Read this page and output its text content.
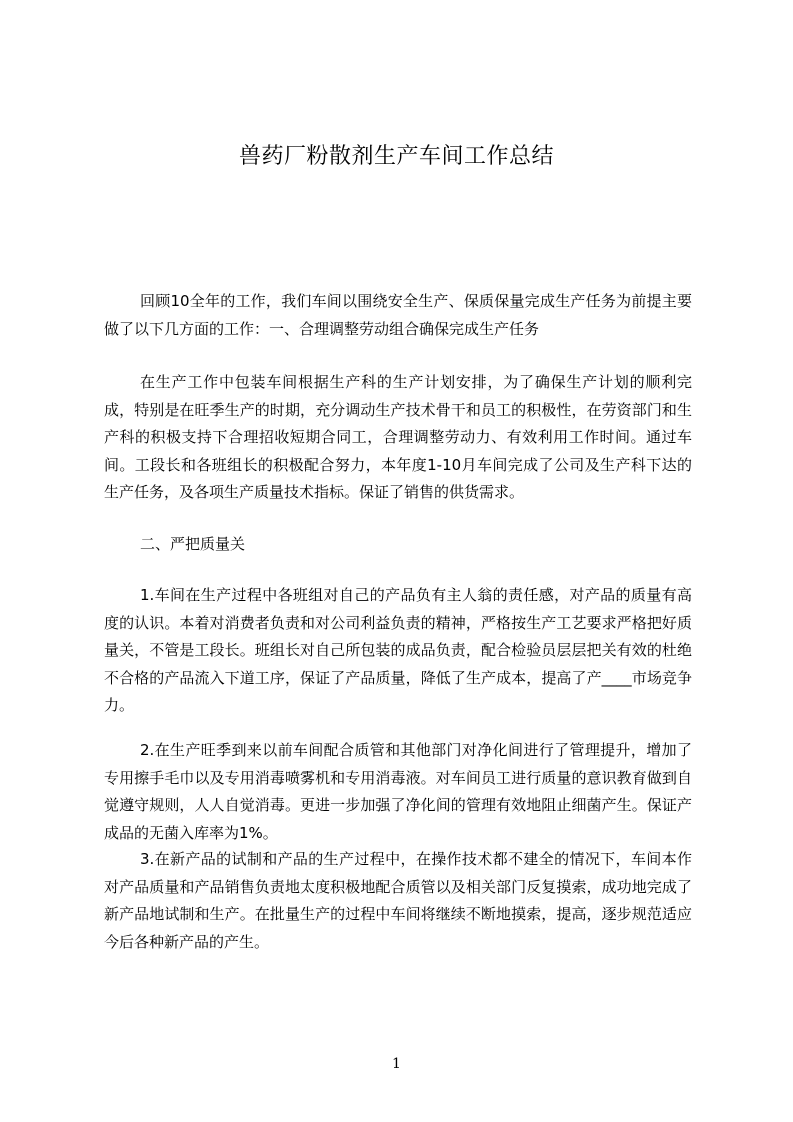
兽药厂粉散剂生产车间工作总结

回顾10全年的工作，我们车间以围绕安全生产、保质保量完成生产任务为前提主要做了以下几方面的工作：一、合理调整劳动组合确保完成生产任务

在生产工作中包装车间根据生产科的生产计划安排，为了确保生产计划的顺利完成，特别是在旺季生产的时期，充分调动生产技术骨干和员工的积极性，在劳资部门和生产科的积极支持下合理招收短期合同工，合理调整劳动力、有效利用工作时间。通过车间。工段长和各班组长的积极配合努力，本年度1-10月车间完成了公司及生产科下达的生产任务，及各项生产质量技术指标。保证了销售的供货需求。

二、严把质量关

1.车间在生产过程中各班组对自己的产品负有主人翁的责任感，对产品的质量有高度的认识。本着对消费者负责和对公司利益负责的精神，严格按生产工艺要求严格把好质量关，不管是工段长。班组长对自己所包装的成品负责，配合检验员层层把关有效的杜绝不合格的产品流入下道工序，保证了产品质量，降低了生产成本，提高了产____市场竞争力。

2.在生产旺季到来以前车间配合质管和其他部门对净化间进行了管理提升，增加了专用擦手毛巾以及专用消毒喷雾机和专用消毒液。对车间员工进行质量的意识教育做到自觉遵守规则，人人自觉消毒。更进一步加强了净化间的管理有效地阻止细菌产生。保证产成品的无菌入库率为1%。

3.在新产品的试制和产品的生产过程中，在操作技术都不建全的情况下，车间本作对产品质量和产品销售负责地太度积极地配合质管以及相关部门反复摸索，成功地完成了新产品地试制和生产。在批量生产的过程中车间将继续不断地摸索，提高，逐步规范适应今后各种新产品的产生。

1
